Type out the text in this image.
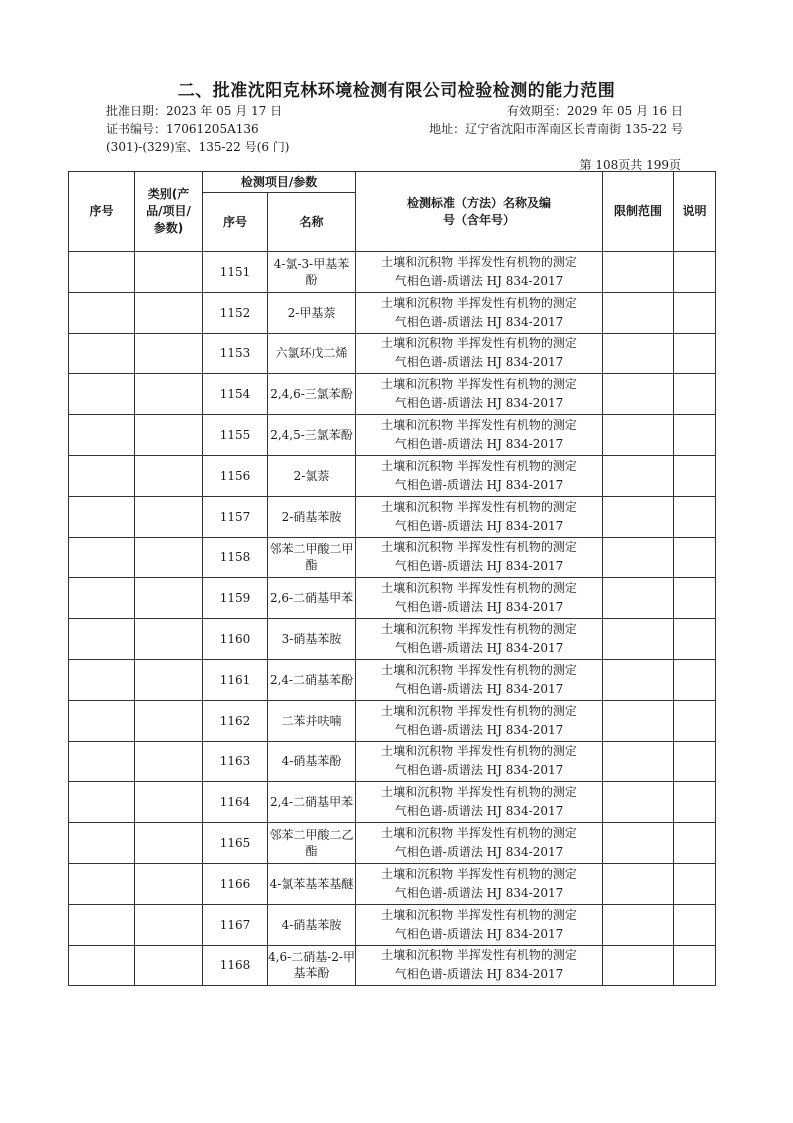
二、批准沈阳克林环境检测有限公司检验检测的能力范围
批准日期：2023 年 05 月 17 日	有效期至：2029 年 05 月 16 日
证书编号：17061205A136	地址：辽宁省沈阳市浑南区长青南街 135-22 号
(301)-(329)室、135-22 号(6 门)
第 108页共 199页
序号	类别(产品/项目/参数)	检测项目/参数		检测标准（方法）名称及编号（含年号）	限制范围	说明
		序号	名称			
		1151	4-氯-3-甲基苯酚	土壤和沉积物 半挥发性有机物的测定
气相色谱-质谱法 HJ 834-2017		

		1152	2-甲基萘	土壤和沉积物 半挥发性有机物的测定
气相色谱-质谱法 HJ 834-2017		

		1153	六氯环戊二烯	土壤和沉积物 半挥发性有机物的测定
气相色谱-质谱法 HJ 834-2017		

		1154	2,4,6-三氯苯酚	土壤和沉积物 半挥发性有机物的测定
气相色谱-质谱法 HJ 834-2017		

		1155	2,4,5-三氯苯酚	土壤和沉积物 半挥发性有机物的测定
气相色谱-质谱法 HJ 834-2017		

		1156	2-氯萘	土壤和沉积物 半挥发性有机物的测定
气相色谱-质谱法 HJ 834-2017		

		1157	2-硝基苯胺	土壤和沉积物 半挥发性有机物的测定
气相色谱-质谱法 HJ 834-2017		

		1158	邻苯二甲酸二甲酯	土壤和沉积物 半挥发性有机物的测定
气相色谱-质谱法 HJ 834-2017		

		1159	2,6-二硝基甲苯	土壤和沉积物 半挥发性有机物的测定
气相色谱-质谱法 HJ 834-2017		

		1160	3-硝基苯胺	土壤和沉积物 半挥发性有机物的测定
气相色谱-质谱法 HJ 834-2017		

		1161	2,4-二硝基苯酚	土壤和沉积物 半挥发性有机物的测定
气相色谱-质谱法 HJ 834-2017		

		1162	二苯并呋喃	土壤和沉积物 半挥发性有机物的测定
气相色谱-质谱法 HJ 834-2017		

		1163	4-硝基苯酚	土壤和沉积物 半挥发性有机物的测定
气相色谱-质谱法 HJ 834-2017		

		1164	2,4-二硝基甲苯	土壤和沉积物 半挥发性有机物的测定
气相色谱-质谱法 HJ 834-2017		

		1165	邻苯二甲酸二乙酯	土壤和沉积物 半挥发性有机物的测定
气相色谱-质谱法 HJ 834-2017		

		1166	4-氯苯基苯基醚	土壤和沉积物 半挥发性有机物的测定
气相色谱-质谱法 HJ 834-2017		

		1167	4-硝基苯胺	土壤和沉积物 半挥发性有机物的测定
气相色谱-质谱法 HJ 834-2017		

		1168	4,6-二硝基-2-甲基苯酚	土壤和沉积物 半挥发性有机物的测定
气相色谱-质谱法 HJ 834-2017		
